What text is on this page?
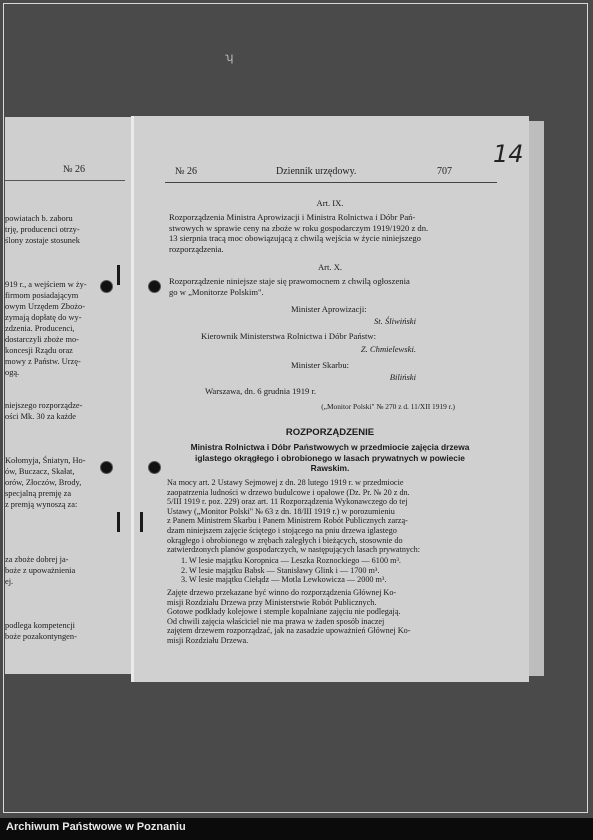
ʮ
№ 26
powiatach b. zaboru
trję, producenci otrzy-
ślony zostaje stosunek
919 r., a wejściem w ży-
firmom posiadającym
owym Urzędem Zbożo-
zymają dopłatę do wy-
zdzenia. Producenci,
dostarczyli zboże mo-
koncesji Rządu oraz
mowy z Państw. Urzę-
ogą.
niejszego rozporządze-
ości Mk. 30 za każde
Kołomyja, Śniatyn, Ho-
ów, Buczacz, Skałat,
orów, Złoczów, Brody,
specjalną premję za
z premją wynoszą za:
za zboże dobrej ja-
boże z upoważnienia
ej.
podlega kompetencji
boże pozakontyngen-
№ 26	Dziennik urzędowy.	707
Art. IX.
Rozporządzenia Ministra Aprowizacji i Ministra Rolnictwa i Dóbr Pań-
stwowych w sprawie ceny na zboże w roku gospodarczym 1919/1920 z dn.
13 sierpnia tracą moc obowiązującą z chwilą wejścia w życie niniejszego
rozporządzenia.
Art. X.
Rozporządzenie niniejsze staje się prawomocnem z chwilą ogłoszenia
go w „Monitorze Polskim".
Minister Aprowizacji:
St. Śliwiński
Kierownik Ministerstwa Rolnictwa i Dóbr Państw:
Z. Chmielewski.
Minister Skarbu:
Biliński
Warszawa, dn. 6 grudnia 1919 r.
(„Monitor Polski" № 270 z d. 11/XII 1919 r.)
ROZPORZĄDZENIE
Ministra Rolnictwa i Dóbr Państwowych w przedmiocie zajęcia drzewa
iglastego okrągłego i obrobionego w lasach prywatnych w powiecie
Rawskim.
Na mocy art. 2 Ustawy Sejmowej z dn. 28 lutego 1919 r. w przedmiocie
zaopatrzenia ludności w drzewo budulcowe i opałowe (Dz. Pr. № 20 z dn.
5/III 1919 r. poz. 229) oraz art. 11 Rozporządzenia Wykonawczego do tej
Ustawy („Monitor Polski" № 63 z dn. 18/III 1919 r.) w porozumieniu
z Panem Ministrem Skarbu i Panem Ministrem Robót Publicznych zarzą-
dzam niniejszem zajęcie ściętego i stojącego na pniu drzewa iglastego
okrągłego i obrobionego w zrębach zaległych i bieżących, stosownie do
zatwierdzonych planów gospodarczych, w następujących lasach prywatnych:
1. W lesie majątku Koropnica — Leszka Roznockiego — 6100 m³.
2. W lesie majątku Babsk — Stanisławy Glink i — 1700 m³.
3. W lesie majątku Ciełądz — Motla Lewkowicza — 2000 m³.
Zajęte drzewo przekazane być winno do rozporządzenia Głównej Ko-
misji Rozdziału Drzewa przy Ministerstwie Robót Publicznych.
Gotowe podkłady kolejowe i stemple kopalniane zajęciu nie podlegają.
Od chwili zajęcia właściciel nie ma prawa w żaden sposób inaczej
zajętem drzewem rozporządzać, jak na zasadzie upoważnień Głównej Ko-
misji Rozdziału Drzewa.
14
Archiwum Państwowe w Poznaniu
